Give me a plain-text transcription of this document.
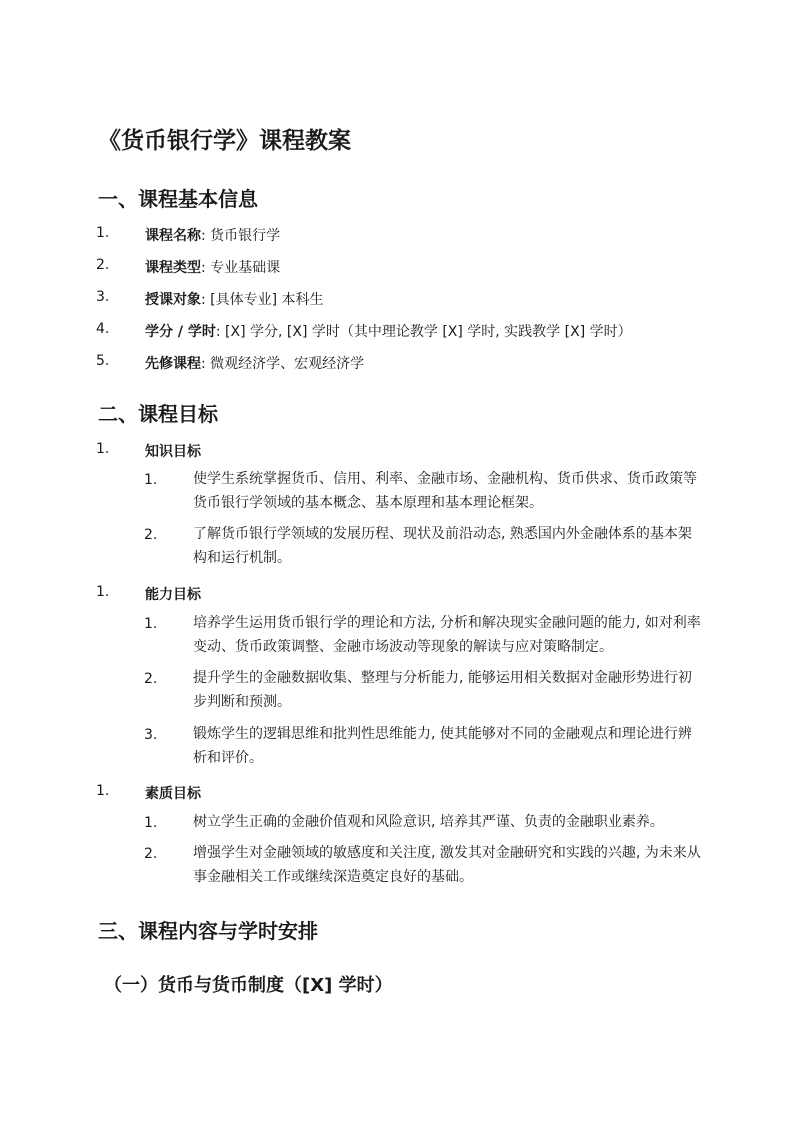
《货币银行学》课程教案
一、课程基本信息
1.	课程名称: 货币银行学
2.	课程类型: 专业基础课
3.	授课对象: [具体专业] 本科生
4.	学分 / 学时: [X] 学分, [X] 学时（其中理论教学 [X] 学时, 实践教学 [X] 学时）
5.	先修课程: 微观经济学、宏观经济学
二、课程目标
1.	知识目标
1.	使学生系统掌握货币、信用、利率、金融市场、金融机构、货币供求、货币政策等货币银行学领域的基本概念、基本原理和基本理论框架。
2.	了解货币银行学领域的发展历程、现状及前沿动态, 熟悉国内外金融体系的基本架构和运行机制。
1.	能力目标
1.	培养学生运用货币银行学的理论和方法, 分析和解决现实金融问题的能力, 如对利率变动、货币政策调整、金融市场波动等现象的解读与应对策略制定。
2.	提升学生的金融数据收集、整理与分析能力, 能够运用相关数据对金融形势进行初步判断和预测。
3.	锻炼学生的逻辑思维和批判性思维能力, 使其能够对不同的金融观点和理论进行辨析和评价。
1.	素质目标
1.	树立学生正确的金融价值观和风险意识, 培养其严谨、负责的金融职业素养。
2.	增强学生对金融领域的敏感度和关注度, 激发其对金融研究和实践的兴趣, 为未来从事金融相关工作或继续深造奠定良好的基础。
三、课程内容与学时安排
（一）货币与货币制度（[X] 学时）
